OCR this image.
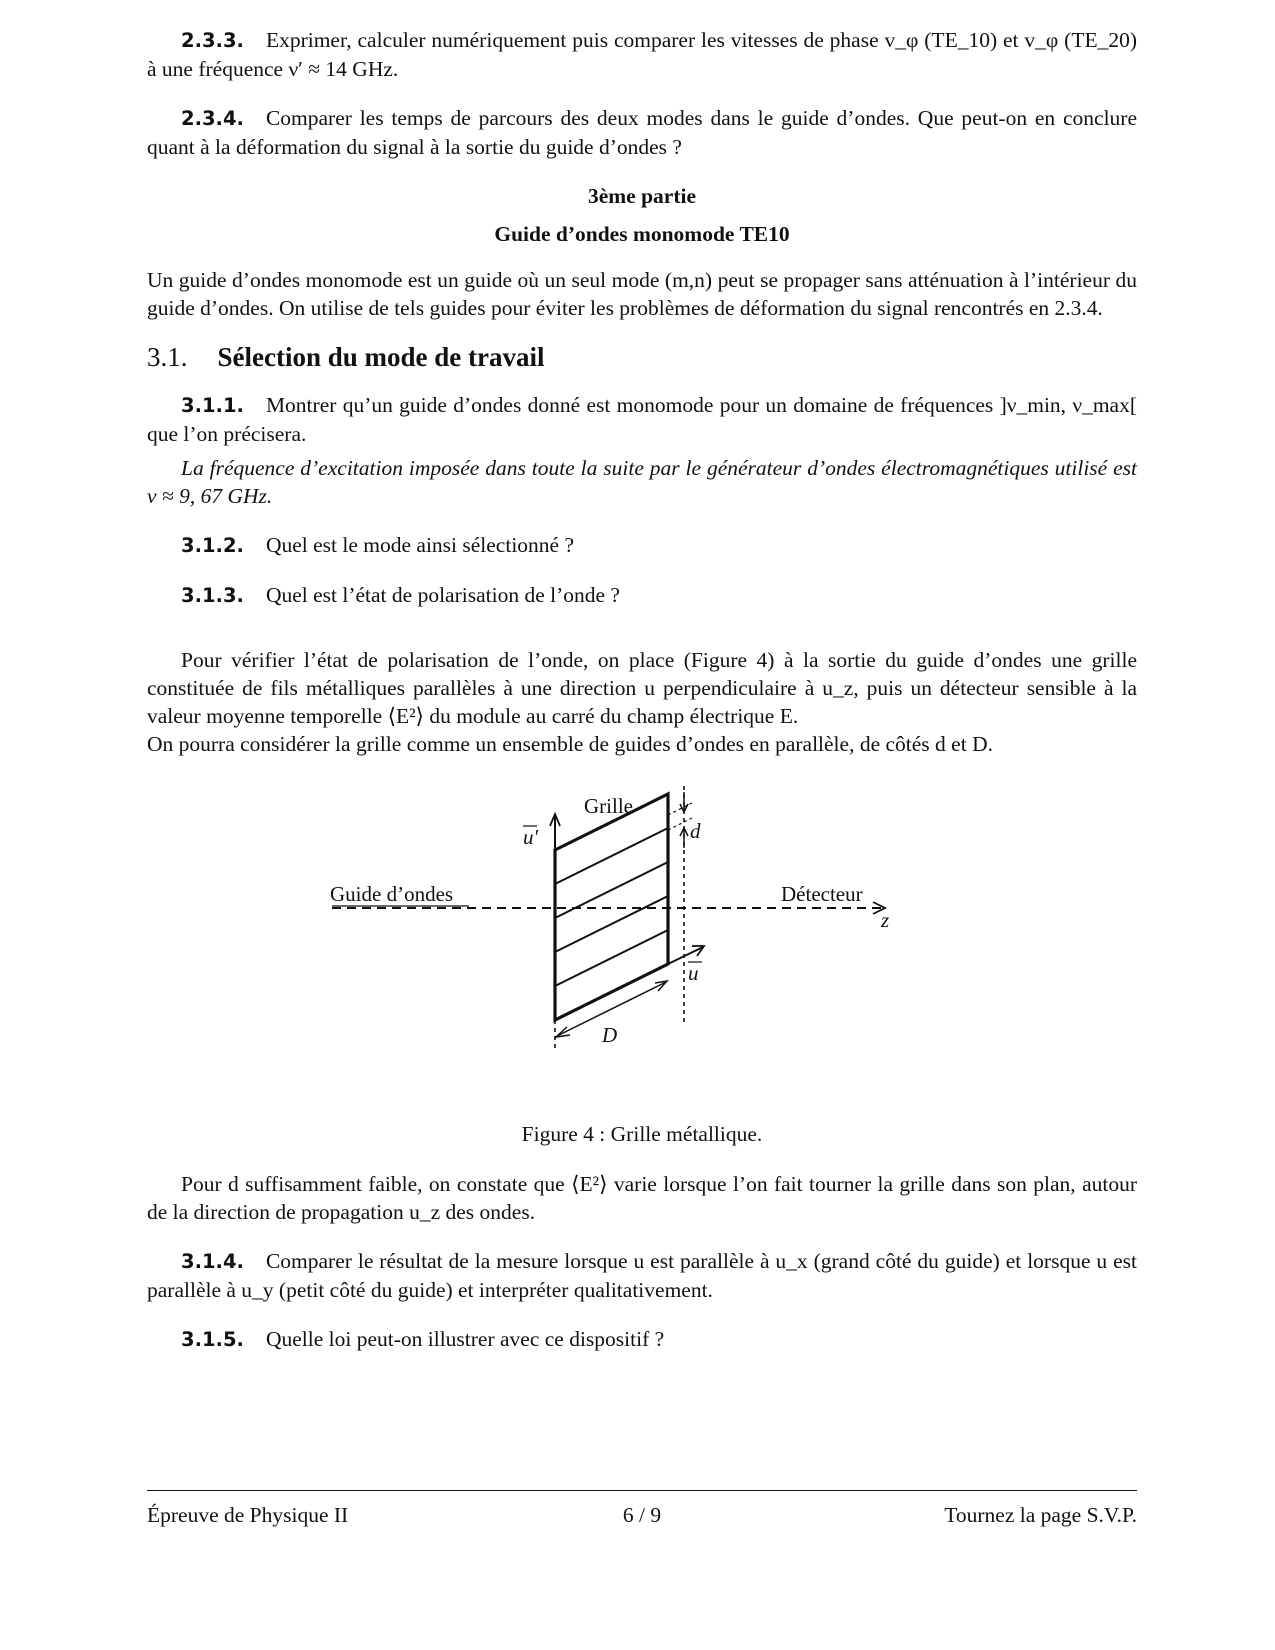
2.3.3. Exprimer, calculer numériquement puis comparer les vitesses de phase v_φ (TE_10) et v_φ (TE_20) à une fréquence ν′ ≈ 14 GHz.

2.3.4. Comparer les temps de parcours des deux modes dans le guide d’ondes. Que peut-on en conclure quant à la déformation du signal à la sortie du guide d’ondes ?

3ème partie
Guide d’ondes monomode TE10

Un guide d’ondes monomode est un guide où un seul mode (m,n) peut se propager sans atténuation à l’intérieur du guide d’ondes. On utilise de tels guides pour éviter les problèmes de déformation du signal rencontrés en 2.3.4.

3.1. Sélection du mode de travail

3.1.1. Montrer qu’un guide d’ondes donné est monomode pour un domaine de fréquences ]ν_min, ν_max[ que l’on précisera.

La fréquence d’excitation imposée dans toute la suite par le générateur d’ondes électromagnétiques utilisé est ν ≈ 9, 67 GHz.

3.1.2. Quel est le mode ainsi sélectionné ?

3.1.3. Quel est l’état de polarisation de l’onde ?

Pour vérifier l’état de polarisation de l’onde, on place (Figure 4) à la sortie du guide d’ondes une grille constituée de fils métalliques parallèles à une direction u perpendiculaire à u_z, puis un détecteur sensible à la valeur moyenne temporelle ⟨E²⟩ du module au carré du champ électrique E.

On pourra considérer la grille comme un ensemble de guides d’ondes en parallèle, de côtés d et D.

Grille
Guide d’ondes	Détecteur
z
d
D
u′
u
Figure 4 : Grille métallique.

Pour d suffisamment faible, on constate que ⟨E²⟩ varie lorsque l’on fait tourner la grille dans son plan, autour de la direction de propagation u_z des ondes.

3.1.4. Comparer le résultat de la mesure lorsque u est parallèle à u_x (grand côté du guide) et lorsque u est parallèle à u_y (petit côté du guide) et interpréter qualitativement.

3.1.5. Quelle loi peut-on illustrer avec ce dispositif ?

Épreuve de Physique II	6 / 9	Tournez la page S.V.P.
